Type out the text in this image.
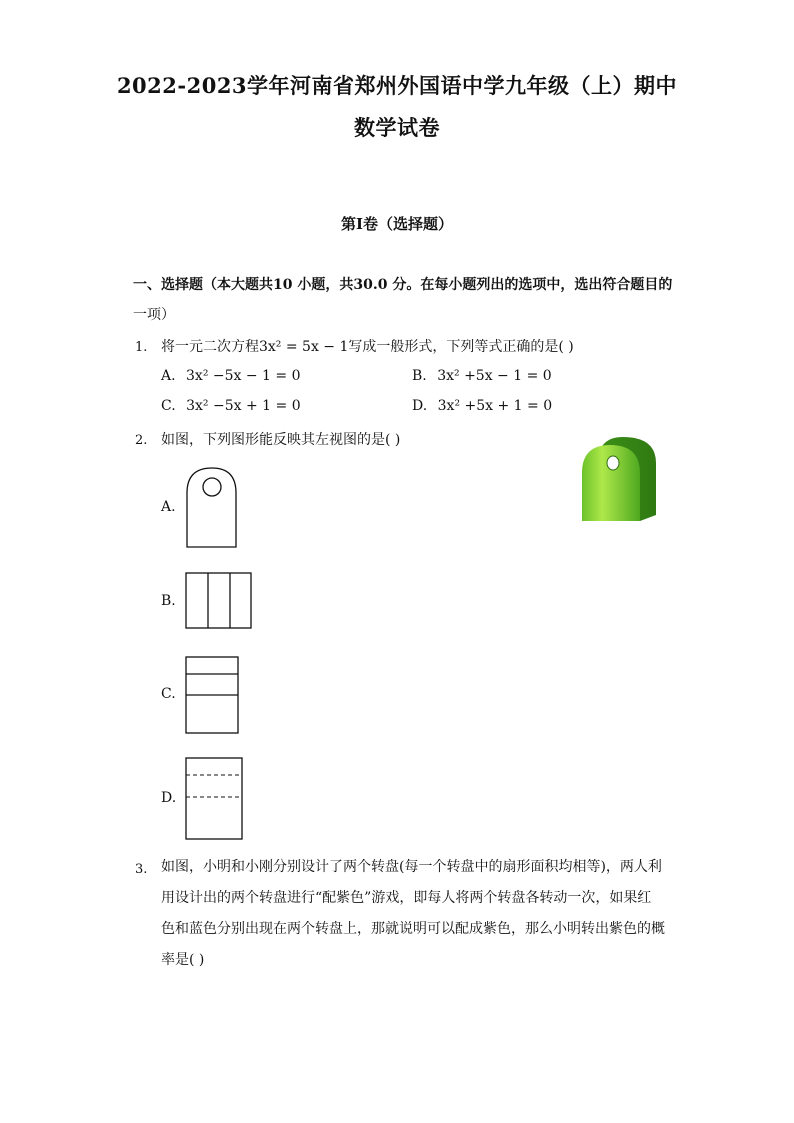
2022-2023学年河南省郑州外国语中学九年级（上）期中
数学试卷
第Ⅰ卷（选择题）
一、选择题（本大题共10 小题，共30.0 分。在每小题列出的选项中，选出符合题目的
一项）
1. 将一元二次方程3x² = 5x − 1写成一般形式，下列等式正确的是( )
A. 3x² −5x − 1 = 0	B. 3x² +5x − 1 = 0
C. 3x² −5x + 1 = 0	D. 3x² +5x + 1 = 0
2. 如图，下列图形能反映其左视图的是( )
A.
B.
C.
D.
3. 如图，小明和小刚分别设计了两个转盘(每一个转盘中的扇形面积均相等)，两人利
用设计出的两个转盘进行“配紫色”游戏，即每人将两个转盘各转动一次，如果红
色和蓝色分别出现在两个转盘上，那就说明可以配成紫色，那么小明转出紫色的概
率是( )
